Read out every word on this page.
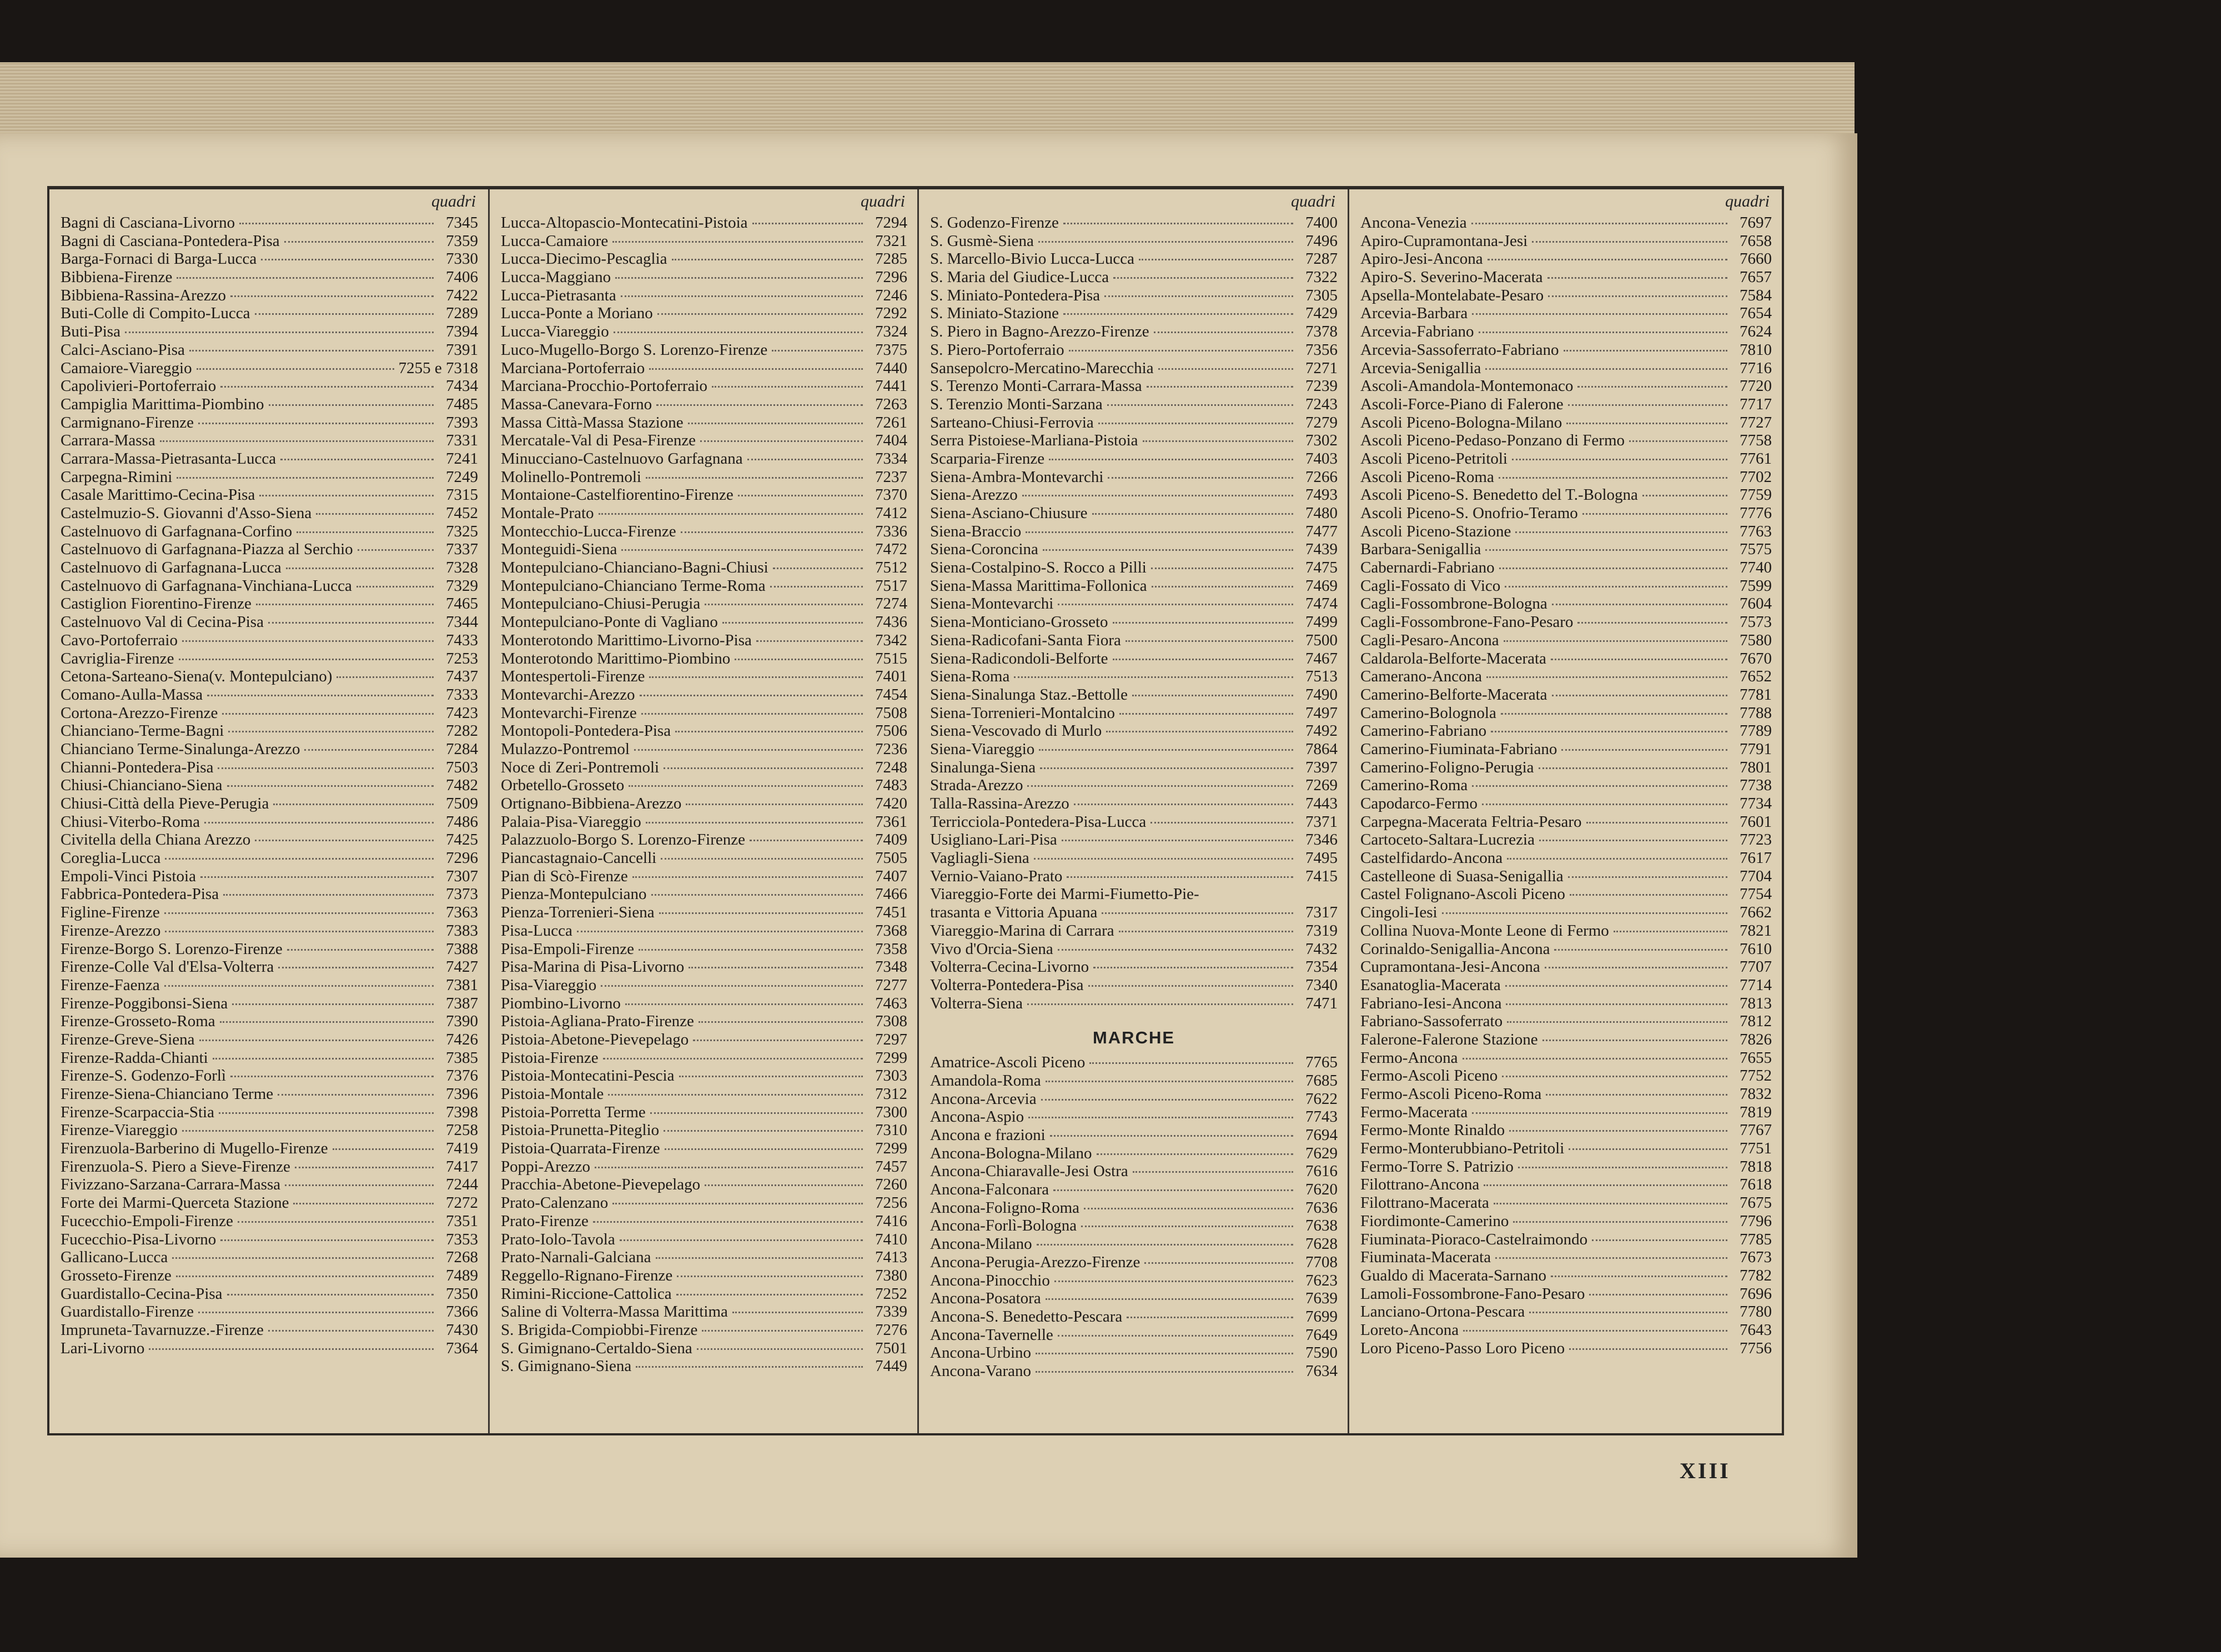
quadri
Bagni di Casciana-Livorno	7345
Bagni di Casciana-Pontedera-Pisa	7359
Barga-Fornaci di Barga-Lucca	7330
Bibbiena-Firenze	7406
Bibbiena-Rassina-Arezzo	7422
Buti-Colle di Compito-Lucca	7289
Buti-Pisa	7394
Calci-Asciano-Pisa	7391
Camaiore-Viareggio	7255 e 7318
Capolivieri-Portoferraio	7434
Campiglia Marittima-Piombino	7485
Carmignano-Firenze	7393
Carrara-Massa	7331
Carrara-Massa-Pietrasanta-Lucca	7241
Carpegna-Rimini	7249
Casale Marittimo-Cecina-Pisa	7315
Castelmuzio-S. Giovanni d'Asso-Siena	7452
Castelnuovo di Garfagnana-Corfino	7325
Castelnuovo di Garfagnana-Piazza al Serchio	7337
Castelnuovo di Garfagnana-Lucca	7328
Castelnuovo di Garfagnana-Vinchiana-Lucca	7329
Castiglion Fiorentino-Firenze	7465
Castelnuovo Val di Cecina-Pisa	7344
Cavo-Portoferraio	7433
Cavriglia-Firenze	7253
Cetona-Sarteano-Siena(v. Montepulciano)	7437
Comano-Aulla-Massa	7333
Cortona-Arezzo-Firenze	7423
Chianciano-Terme-Bagni	7282
Chianciano Terme-Sinalunga-Arezzo	7284
Chianni-Pontedera-Pisa	7503
Chiusi-Chianciano-Siena	7482
Chiusi-Città della Pieve-Perugia	7509
Chiusi-Viterbo-Roma	7486
Civitella della Chiana Arezzo	7425
Coreglia-Lucca	7296
Empoli-Vinci Pistoia	7307
Fabbrica-Pontedera-Pisa	7373
Figline-Firenze	7363
Firenze-Arezzo	7383
Firenze-Borgo S. Lorenzo-Firenze	7388
Firenze-Colle Val d'Elsa-Volterra	7427
Firenze-Faenza	7381
Firenze-Poggibonsi-Siena	7387
Firenze-Grosseto-Roma	7390
Firenze-Greve-Siena	7426
Firenze-Radda-Chianti	7385
Firenze-S. Godenzo-Forlì	7376
Firenze-Siena-Chianciano Terme	7396
Firenze-Scarpaccia-Stia	7398
Firenze-Viareggio	7258
Firenzuola-Barberino di Mugello-Firenze	7419
Firenzuola-S. Piero a Sieve-Firenze	7417
Fivizzano-Sarzana-Carrara-Massa	7244
Forte dei Marmi-Querceta Stazione	7272
Fucecchio-Empoli-Firenze	7351
Fucecchio-Pisa-Livorno	7353
Gallicano-Lucca	7268
Grosseto-Firenze	7489
Guardistallo-Cecina-Pisa	7350
Guardistallo-Firenze	7366
Impruneta-Tavarnuzze.-Firenze	7430
Lari-Livorno	7364
quadri
Lucca-Altopascio-Montecatini-Pistoia	7294
Lucca-Camaiore	7321
Lucca-Diecimo-Pescaglia	7285
Lucca-Maggiano	7296
Lucca-Pietrasanta	7246
Lucca-Ponte a Moriano	7292
Lucca-Viareggio	7324
Luco-Mugello-Borgo S. Lorenzo-Firenze	7375
Marciana-Portoferraio	7440
Marciana-Procchio-Portoferraio	7441
Massa-Canevara-Forno	7263
Massa Città-Massa Stazione	7261
Mercatale-Val di Pesa-Firenze	7404
Minucciano-Castelnuovo Garfagnana	7334
Molinello-Pontremoli	7237
Montaione-Castelfiorentino-Firenze	7370
Montale-Prato	7412
Montecchio-Lucca-Firenze	7336
Monteguidi-Siena	7472
Montepulciano-Chianciano-Bagni-Chiusi	7512
Montepulciano-Chianciano Terme-Roma	7517
Montepulciano-Chiusi-Perugia	7274
Montepulciano-Ponte di Vagliano	7436
Monterotondo Marittimo-Livorno-Pisa	7342
Monterotondo Marittimo-Piombino	7515
Montespertoli-Firenze	7401
Montevarchi-Arezzo	7454
Montevarchi-Firenze	7508
Montopoli-Pontedera-Pisa	7506
Mulazzo-Pontremol	7236
Noce di Zeri-Pontremoli	7248
Orbetello-Grosseto	7483
Ortignano-Bibbiena-Arezzo	7420
Palaia-Pisa-Viareggio	7361
Palazzuolo-Borgo S. Lorenzo-Firenze	7409
Piancastagnaio-Cancelli	7505
Pian di Scò-Firenze	7407
Pienza-Montepulciano	7466
Pienza-Torrenieri-Siena	7451
Pisa-Lucca	7368
Pisa-Empoli-Firenze	7358
Pisa-Marina di Pisa-Livorno	7348
Pisa-Viareggio	7277
Piombino-Livorno	7463
Pistoia-Agliana-Prato-Firenze	7308
Pistoia-Abetone-Pievepelago	7297
Pistoia-Firenze	7299
Pistoia-Montecatini-Pescia	7303
Pistoia-Montale	7312
Pistoia-Porretta Terme	7300
Pistoia-Prunetta-Piteglio	7310
Pistoia-Quarrata-Firenze	7299
Poppi-Arezzo	7457
Pracchia-Abetone-Pievepelago	7260
Prato-Calenzano	7256
Prato-Firenze	7416
Prato-Iolo-Tavola	7410
Prato-Narnali-Galciana	7413
Reggello-Rignano-Firenze	7380
Rimini-Riccione-Cattolica	7252
Saline di Volterra-Massa Marittima	7339
S. Brigida-Compiobbi-Firenze	7276
S. Gimignano-Certaldo-Siena	7501
S. Gimignano-Siena	7449
quadri
S. Godenzo-Firenze	7400
S. Gusmè-Siena	7496
S. Marcello-Bivio Lucca-Lucca	7287
S. Maria del Giudice-Lucca	7322
S. Miniato-Pontedera-Pisa	7305
S. Miniato-Stazione	7429
S. Piero in Bagno-Arezzo-Firenze	7378
S. Piero-Portoferraio	7356
Sansepolcro-Mercatino-Marecchia	7271
S. Terenzo Monti-Carrara-Massa	7239
S. Terenzio Monti-Sarzana	7243
Sarteano-Chiusi-Ferrovia	7279
Serra Pistoiese-Marliana-Pistoia	7302
Scarparia-Firenze	7403
Siena-Ambra-Montevarchi	7266
Siena-Arezzo	7493
Siena-Asciano-Chiusure	7480
Siena-Braccio	7477
Siena-Coroncina	7439
Siena-Costalpino-S. Rocco a Pilli	7475
Siena-Massa Marittima-Follonica	7469
Siena-Montevarchi	7474
Siena-Monticiano-Grosseto	7499
Siena-Radicofani-Santa Fiora	7500
Siena-Radicondoli-Belforte	7467
Siena-Roma	7513
Siena-Sinalunga Staz.-Bettolle	7490
Siena-Torrenieri-Montalcino	7497
Siena-Vescovado di Murlo	7492
Siena-Viareggio	7864
Sinalunga-Siena	7397
Strada-Arezzo	7269
Talla-Rassina-Arezzo	7443
Terricciola-Pontedera-Pisa-Lucca	7371
Usigliano-Lari-Pisa	7346
Vagliagli-Siena	7495
Vernio-Vaiano-Prato	7415
Viareggio-Forte dei Marmi-Fiumetto-Pie-
trasanta e Vittoria Apuana	7317
Viareggio-Marina di Carrara	7319
Vivo d'Orcia-Siena	7432
Volterra-Cecina-Livorno	7354
Volterra-Pontedera-Pisa	7340
Volterra-Siena	7471
MARCHE
Amatrice-Ascoli Piceno	7765
Amandola-Roma	7685
Ancona-Arcevia	7622
Ancona-Aspio	7743
Ancona e frazioni	7694
Ancona-Bologna-Milano	7629
Ancona-Chiaravalle-Jesi Ostra	7616
Ancona-Falconara	7620
Ancona-Foligno-Roma	7636
Ancona-Forlì-Bologna	7638
Ancona-Milano	7628
Ancona-Perugia-Arezzo-Firenze	7708
Ancona-Pinocchio	7623
Ancona-Posatora	7639
Ancona-S. Benedetto-Pescara	7699
Ancona-Tavernelle	7649
Ancona-Urbino	7590
Ancona-Varano	7634
quadri
Ancona-Venezia	7697
Apiro-Cupramontana-Jesi	7658
Apiro-Jesi-Ancona	7660
Apiro-S. Severino-Macerata	7657
Apsella-Montelabate-Pesaro	7584
Arcevia-Barbara	7654
Arcevia-Fabriano	7624
Arcevia-Sassoferrato-Fabriano	7810
Arcevia-Senigallia	7716
Ascoli-Amandola-Montemonaco	7720
Ascoli-Force-Piano di Falerone	7717
Ascoli Piceno-Bologna-Milano	7727
Ascoli Piceno-Pedaso-Ponzano di Fermo	7758
Ascoli Piceno-Petritoli	7761
Ascoli Piceno-Roma	7702
Ascoli Piceno-S. Benedetto del T.-Bologna	7759
Ascoli Piceno-S. Onofrio-Teramo	7776
Ascoli Piceno-Stazione	7763
Barbara-Senigallia	7575
Cabernardi-Fabriano	7740
Cagli-Fossato di Vico	7599
Cagli-Fossombrone-Bologna	7604
Cagli-Fossombrone-Fano-Pesaro	7573
Cagli-Pesaro-Ancona	7580
Caldarola-Belforte-Macerata	7670
Camerano-Ancona	7652
Camerino-Belforte-Macerata	7781
Camerino-Bolognola	7788
Camerino-Fabriano	7789
Camerino-Fiuminata-Fabriano	7791
Camerino-Foligno-Perugia	7801
Camerino-Roma	7738
Capodarco-Fermo	7734
Carpegna-Macerata Feltria-Pesaro	7601
Cartoceto-Saltara-Lucrezia	7723
Castelfidardo-Ancona	7617
Castelleone di Suasa-Senigallia	7704
Castel Folignano-Ascoli Piceno	7754
Cingoli-Iesi	7662
Collina Nuova-Monte Leone di Fermo	7821
Corinaldo-Senigallia-Ancona	7610
Cupramontana-Jesi-Ancona	7707
Esanatoglia-Macerata	7714
Fabriano-Iesi-Ancona	7813
Fabriano-Sassoferrato	7812
Falerone-Falerone Stazione	7826
Fermo-Ancona	7655
Fermo-Ascoli Piceno	7752
Fermo-Ascoli Piceno-Roma	7832
Fermo-Macerata	7819
Fermo-Monte Rinaldo	7767
Fermo-Monterubbiano-Petritoli	7751
Fermo-Torre S. Patrizio	7818
Filottrano-Ancona	7618
Filottrano-Macerata	7675
Fiordimonte-Camerino	7796
Fiuminata-Pioraco-Castelraimondo	7785
Fiuminata-Macerata	7673
Gualdo di Macerata-Sarnano	7782
Lamoli-Fossombrone-Fano-Pesaro	7696
Lanciano-Ortona-Pescara	7780
Loreto-Ancona	7643
Loro Piceno-Passo Loro Piceno	7756
XIII
